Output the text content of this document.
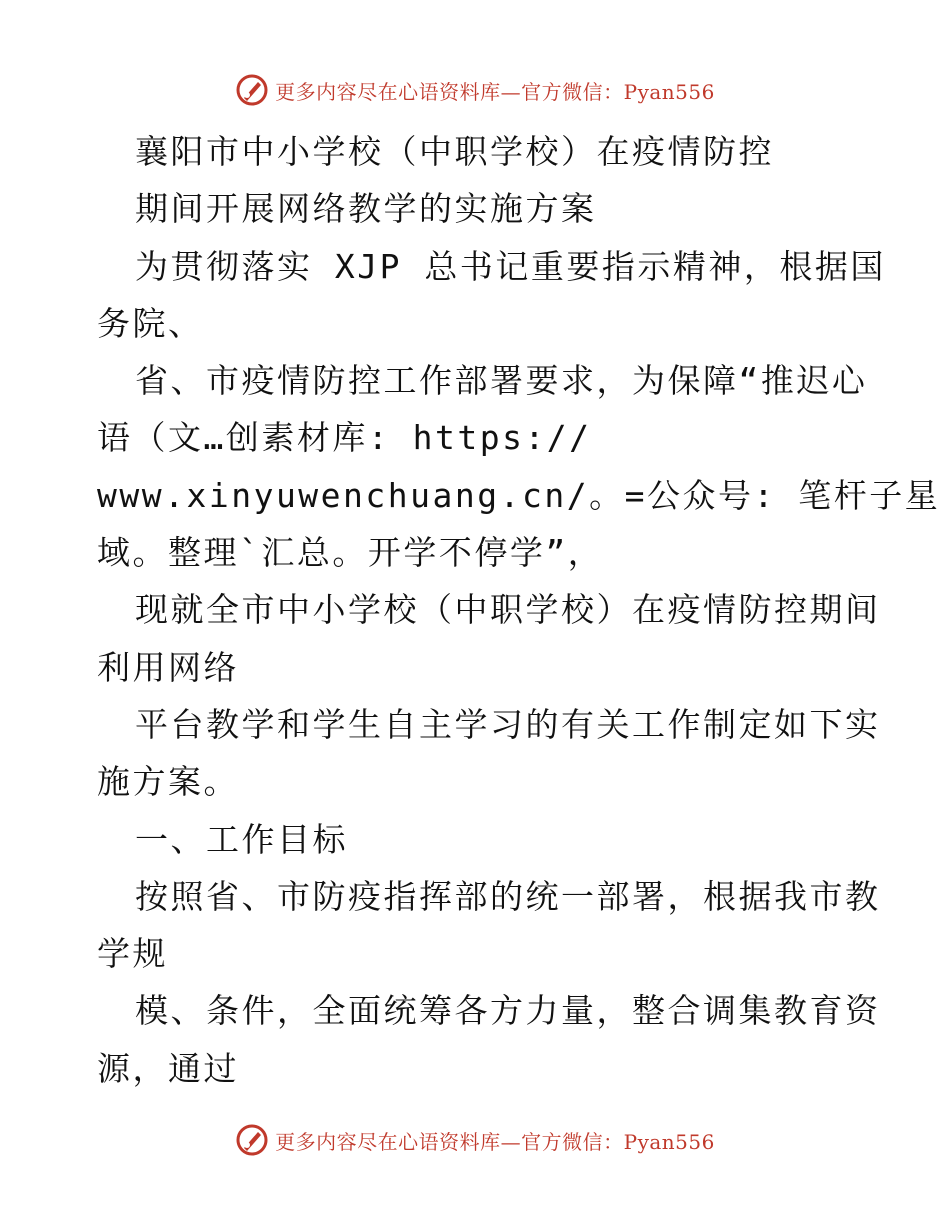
更多内容尽在心语资料库—官方微信：Pyan556
襄阳市中小学校（中职学校）在疫情防控
期间开展网络教学的实施方案
为贯彻落实 XJP 总书记重要指示精神，根据国
务院、
省、市疫情防控工作部署要求，为保障“推迟心
语（文…创素材库: https://
www.xinyuwenchuang.cn/。=公众号: 笔杆子星
域。整理`汇总。开学不停学”，
现就全市中小学校（中职学校）在疫情防控期间
利用网络
平台教学和学生自主学习的有关工作制定如下实
施方案。
一、工作目标
按照省、市防疫指挥部的统一部署，根据我市教
学规
模、条件，全面统筹各方力量，整合调集教育资
源，通过
更多内容尽在心语资料库—官方微信：Pyan556
